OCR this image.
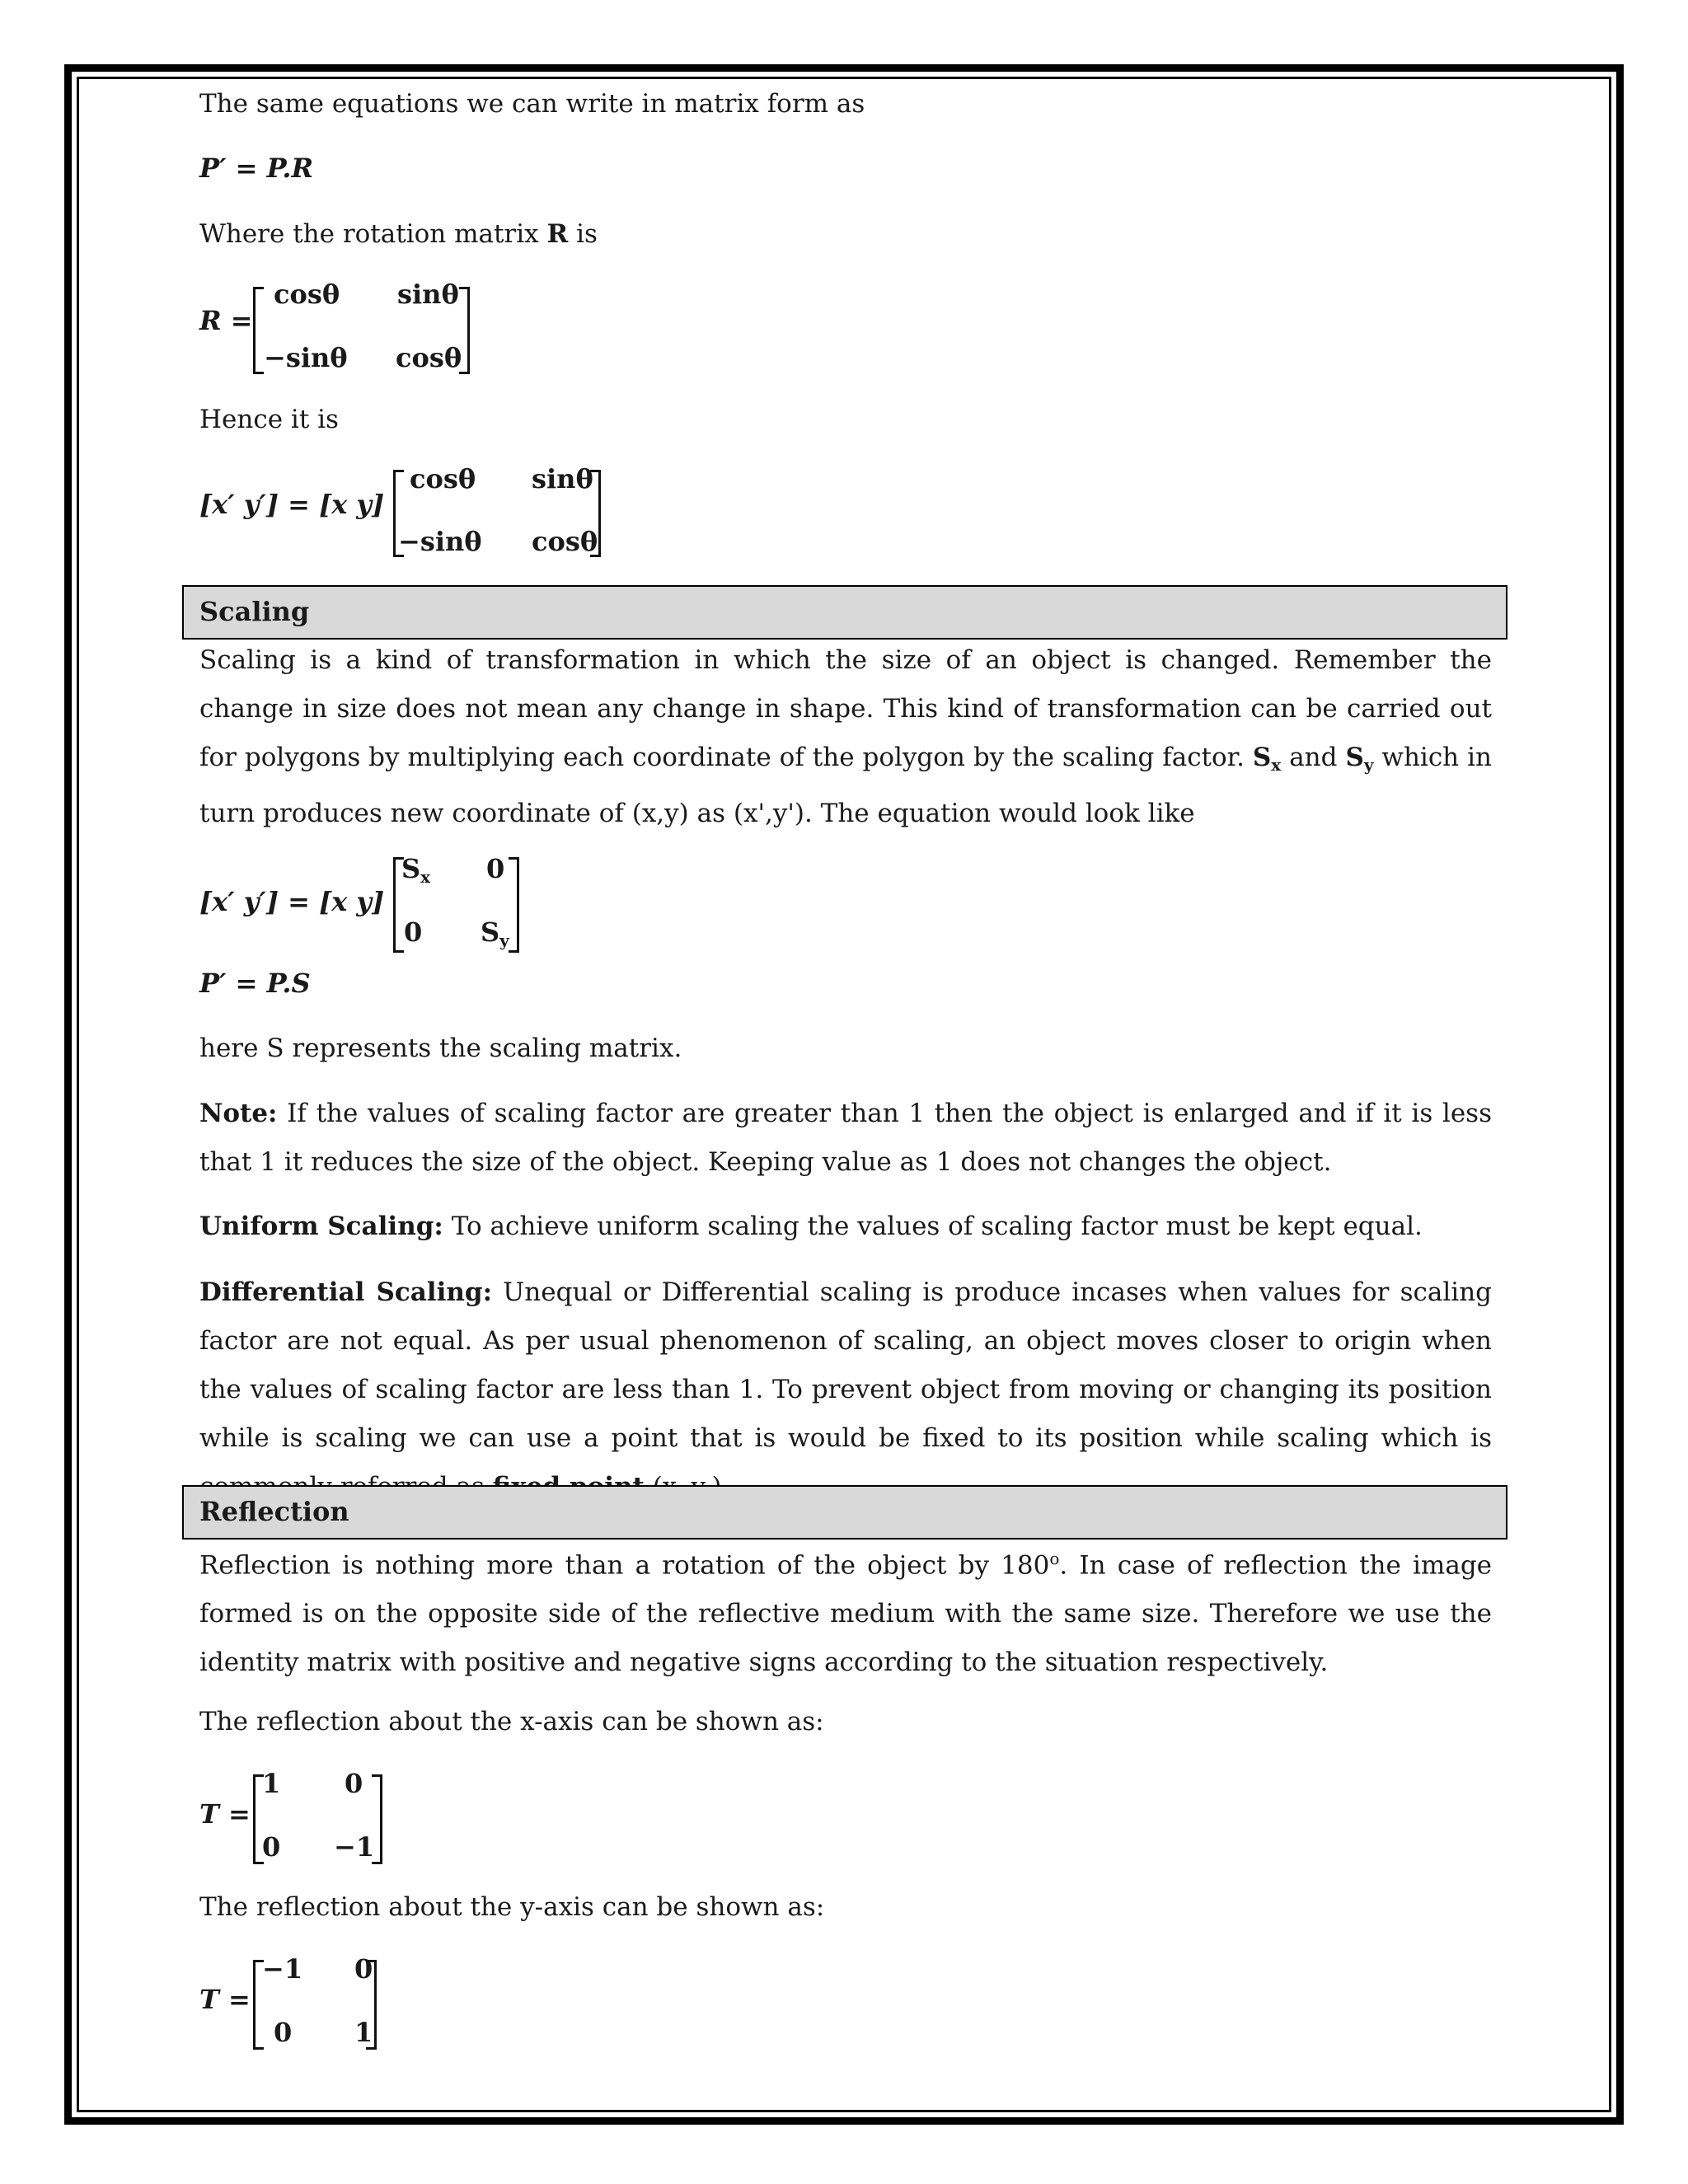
The same equations we can write in matrix form as

P′ = P.R

Where the rotation matrix R is

R =
cosθ sinθ
−sinθ cosθ

Hence it is

[x′ y′] = [x y]
cosθ sinθ
−sinθ cosθ
Scaling

Scaling is a kind of transformation in which the size of an object is changed. Remember the change in size does not mean any change in shape. This kind of transformation can be carried out for polygons by multiplying each coordinate of the polygon by the scaling factor. $S_x$ and $S_y$ which in turn produces new coordinate of (x,y) as (x',y'). The equation would look like

[x′ y′] = [x y]
$S_x$ 0
0 $S_y$

P′ = P.S

here S represents the scaling matrix.

Note: If the values of scaling factor are greater than 1 then the object is enlarged and if it is less that 1 it reduces the size of the object. Keeping value as 1 does not changes the object.

Uniform Scaling: To achieve uniform scaling the values of scaling factor must be kept equal.

Differential Scaling: Unequal or Differential scaling is produce incases when values for scaling factor are not equal. As per usual phenomenon of scaling, an object moves closer to origin when the values of scaling factor are less than 1. To prevent object from moving or changing its position while is scaling we can use a point that is would be fixed to its position while scaling which is

Reflection

Reflection is nothing more than a rotation of the object by 180$^o$. In case of reflection the image formed is on the opposite side of the reflective medium with the same size. Therefore we use the identity matrix with positive and negative signs according to the situation respectively.

The reflection about the x-axis can be shown as:

T =
1 0
0 −1

The reflection about the y-axis can be shown as:

T =
−1 0
0 1
